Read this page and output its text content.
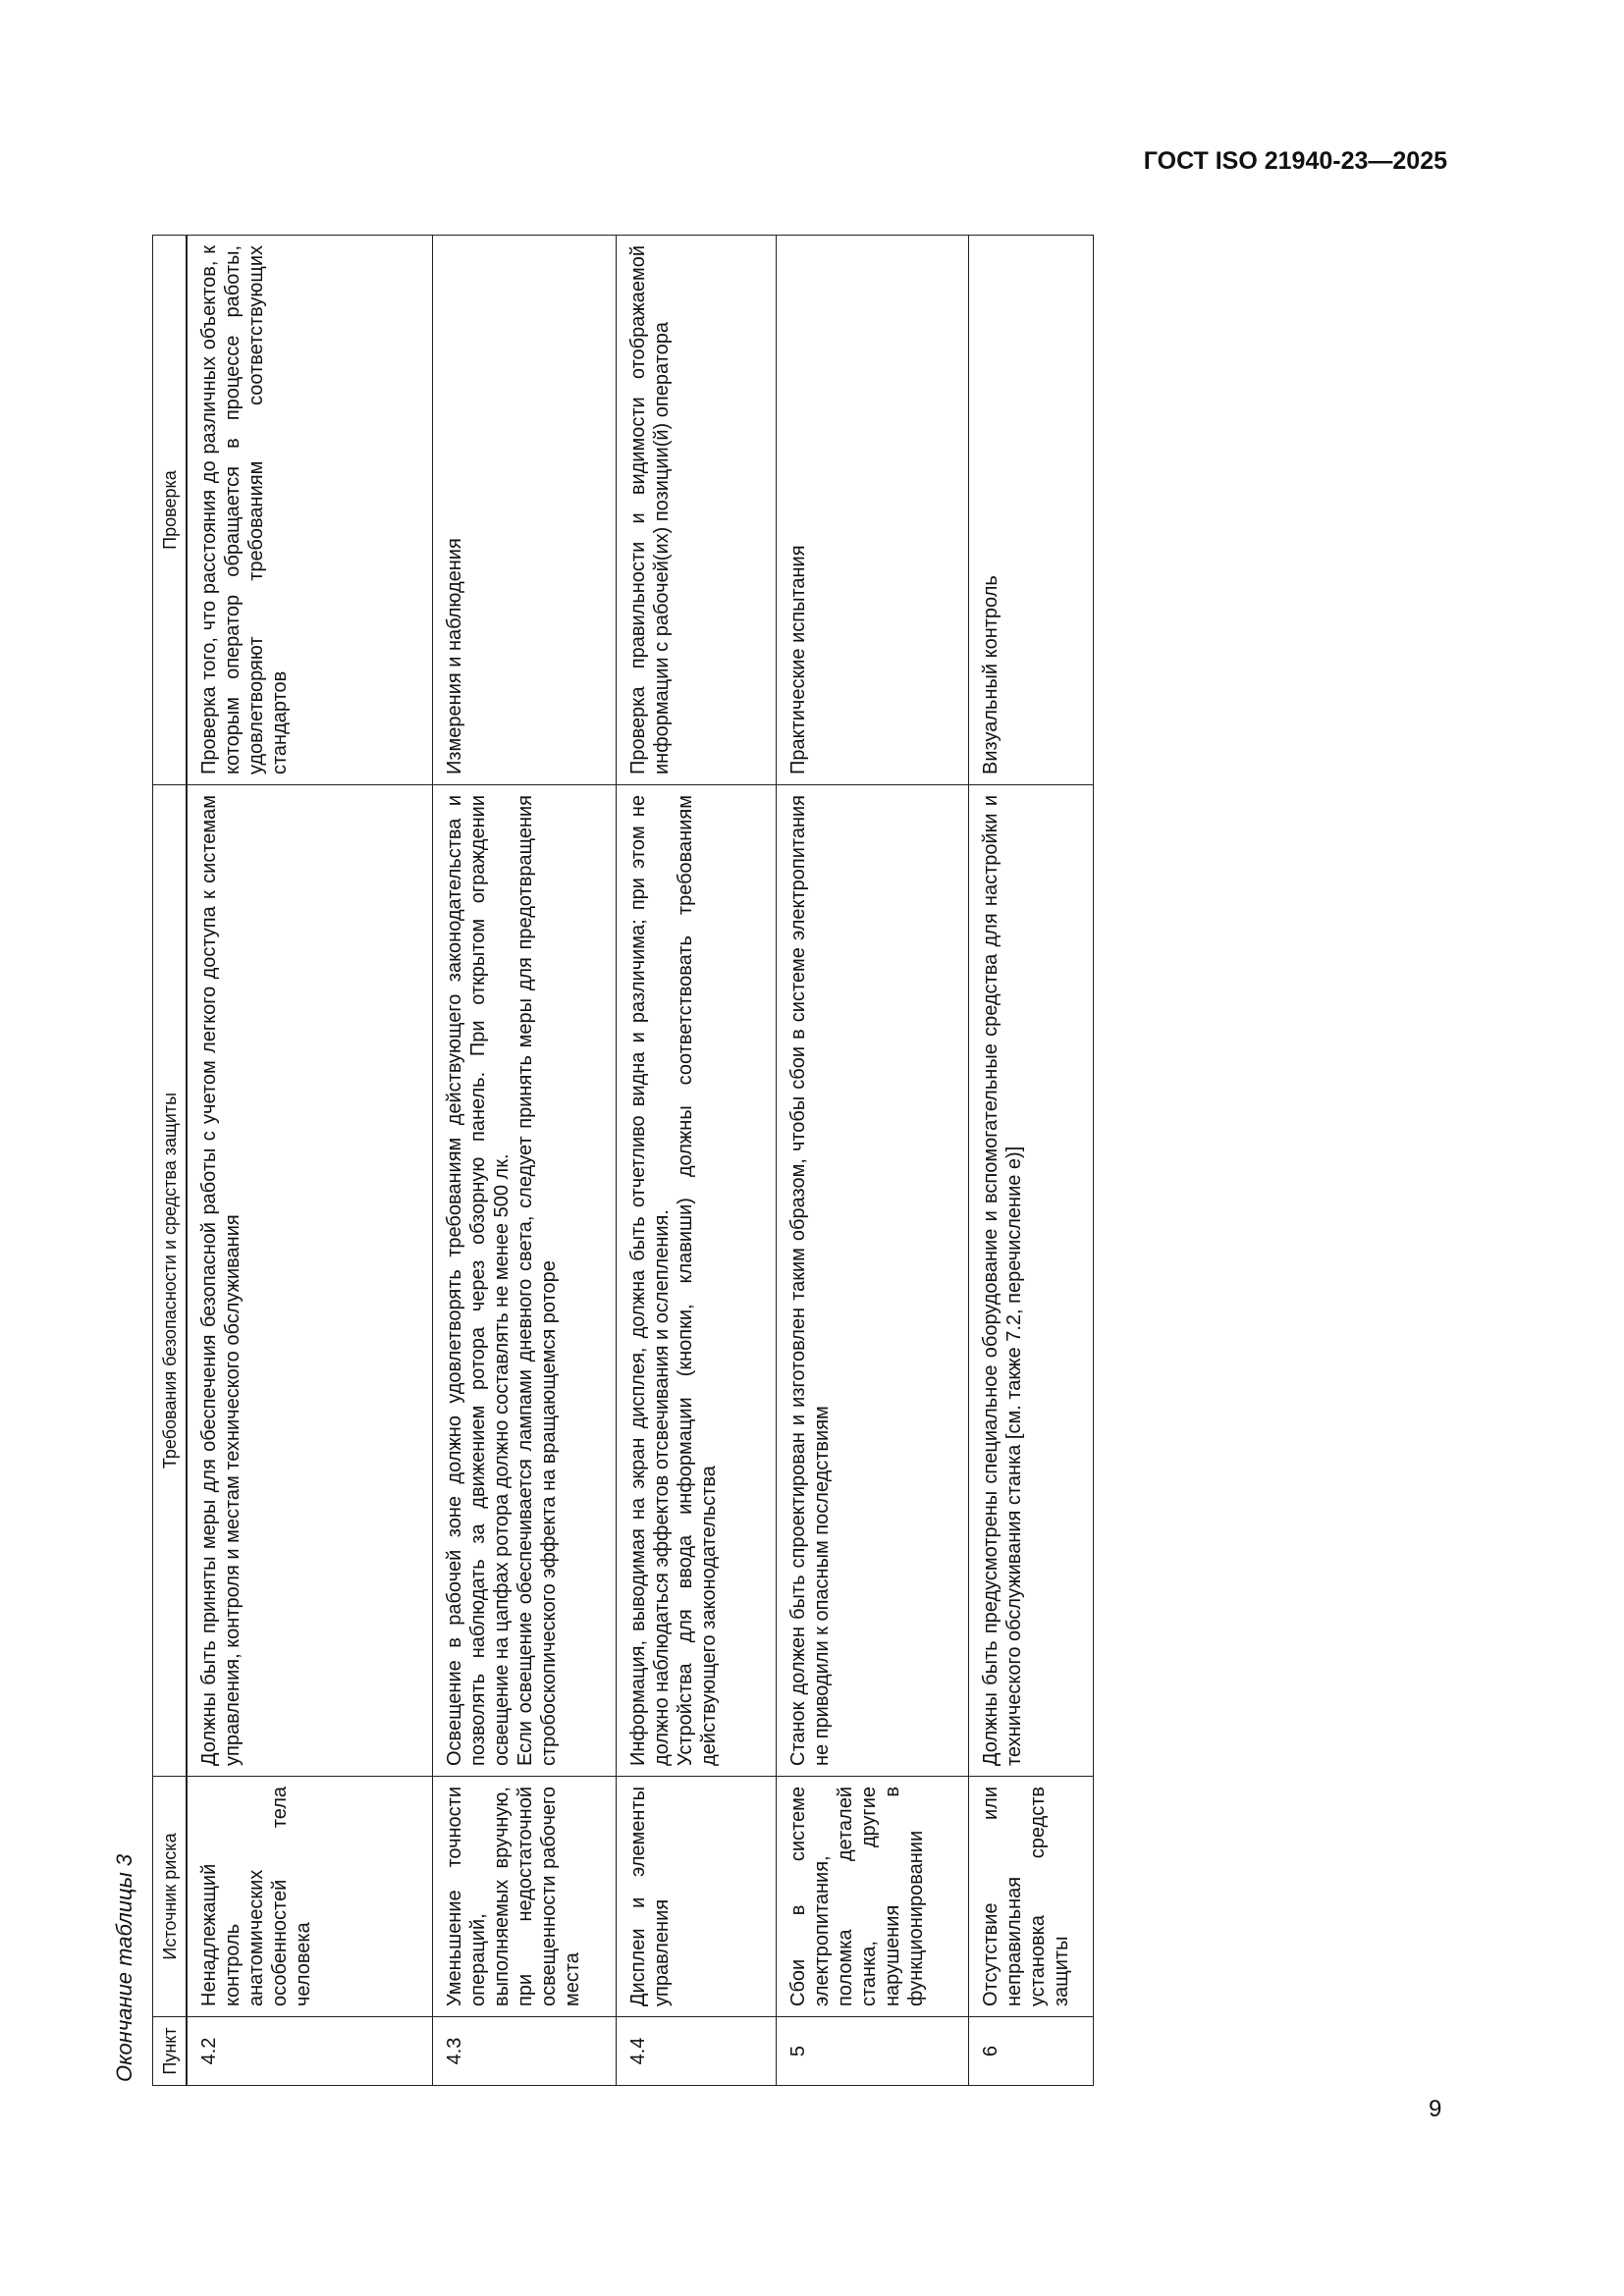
ГОСТ ISO 21940-23—2025
Окончание таблицы 3	Пункт	Источник риска	Требования безопасности и средства защиты	Проверка
4.2	Ненадлежащий контроль анатомических особенностей тела человека	Должны быть приняты меры для обеспечения безопасной работы с учетом легкого доступа к системам управления, контроля и местам технического обслуживания	Проверка того, что расстояния до различных объектов, к которым оператор обращается в процессе работы, удовлетворяют требованиям соответствующих стандартов
4.3	Уменьшение точности операций, выполняемых вручную, при недостаточной освещенности рабочего места	Освещение в рабочей зоне должно удовлетворять требованиям действующего законодательства и позволять наблюдать за движением ротора через обзорную панель. При открытом ограждении освещение на цапфах ротора должно составлять не менее 500 лк. Если освещение обеспечивается лампами дневного света, следует принять меры для предотвращения стробоскопического эффекта на вращающемся роторе	Измерения и наблюдения
4.4	Дисплеи и элементы управления	Информация, выводимая на экран дисплея, должна быть отчетливо видна и различима; при этом не должно наблюдаться эффектов отсвечивания и ослепления. Устройства для ввода информации (кнопки, клавиши) должны соответствовать требованиям действующего законодательства	Проверка правильности и видимости отображаемой информации с рабочей(их) позиции(й) оператора
5	Сбои в системе электропитания, поломка деталей станка, другие нарушения в функционировании	Станок должен быть спроектирован и изготовлен таким образом, чтобы сбои в системе электропитания не приводили к опасным последствиям	Практические испытания
6	Отсутствие или неправильная установка средств защиты	Должны быть предусмотрены специальное оборудование и вспомогательные средства для настройки и технического обслуживания станка [см. также 7.2, перечисление е)]	Визуальный контроль
9
